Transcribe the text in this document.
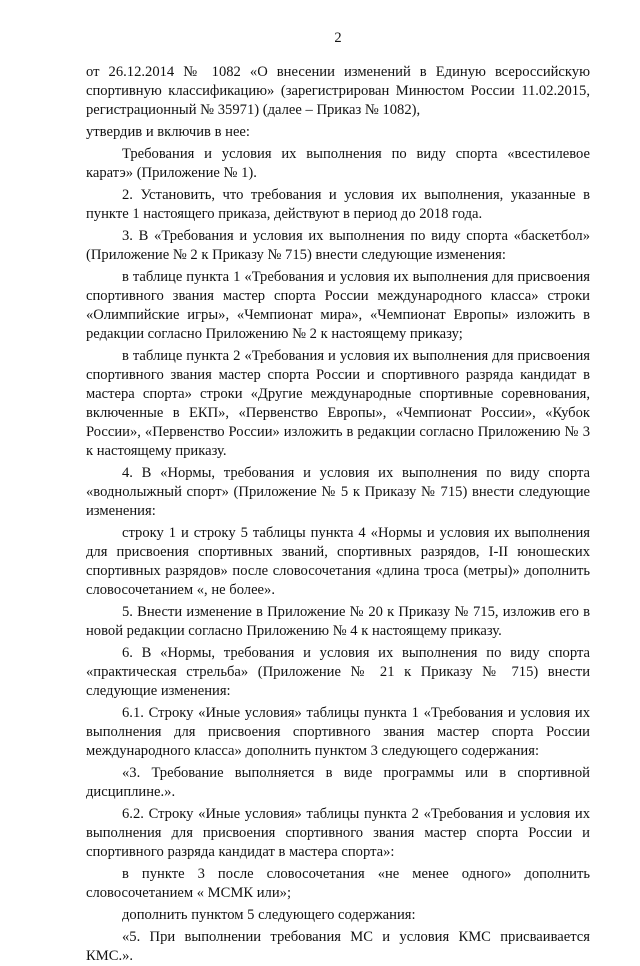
2

от 26.12.2014 № 1082 «О внесении изменений в Единую всероссийскую спортивную классификацию» (зарегистрирован Минюстом России 11.02.2015, регистрационный № 35971) (далее – Приказ № 1082),

утвердив и включив в нее:

Требования и условия их выполнения по виду спорта «всестилевое каратэ» (Приложение № 1).

2. Установить, что требования и условия их выполнения, указанные в пункте 1 настоящего приказа, действуют в период до 2018 года.

3. В «Требования и условия их выполнения по виду спорта «баскетбол» (Приложение № 2 к Приказу № 715) внести следующие изменения:

в таблице пункта 1 «Требования и условия их выполнения для присвоения спортивного звания мастер спорта России международного класса» строки «Олимпийские игры», «Чемпионат мира», «Чемпионат Европы» изложить в редакции согласно Приложению № 2 к настоящему приказу;

в таблице пункта 2 «Требования и условия их выполнения для присвоения спортивного звания мастер спорта России и спортивного разряда кандидат в мастера спорта» строки «Другие международные спортивные соревнования, включенные в ЕКП», «Первенство Европы», «Чемпионат России», «Кубок России», «Первенство России» изложить в редакции согласно Приложению № 3 к настоящему приказу.

4. В «Нормы, требования и условия их выполнения по виду спорта «воднолыжный спорт» (Приложение № 5 к Приказу № 715) внести следующие изменения:

строку 1 и строку 5 таблицы пункта 4 «Нормы и условия их выполнения для присвоения спортивных званий, спортивных разрядов, I-II юношеских спортивных разрядов» после словосочетания «длина троса (метры)» дополнить словосочетанием «, не более».

5. Внести изменение в Приложение № 20 к Приказу № 715, изложив его в новой редакции согласно Приложению № 4 к настоящему приказу.

6. В «Нормы, требования и условия их выполнения по виду спорта «практическая стрельба» (Приложение № 21 к Приказу № 715) внести следующие изменения:

6.1. Строку «Иные условия» таблицы пункта 1 «Требования и условия их выполнения для присвоения спортивного звания мастер спорта России международного класса» дополнить пунктом 3 следующего содержания:

«3. Требование выполняется в виде программы или в спортивной дисциплине.».

6.2. Строку «Иные условия» таблицы пункта 2 «Требования и условия их выполнения для присвоения спортивного звания мастер спорта России и спортивного разряда кандидат в мастера спорта»:

в пункте 3 после словосочетания «не менее одного» дополнить словосочетанием « МСМК или»;

дополнить пунктом 5 следующего содержания:

«5. При выполнении требования МС и условия КМС присваивается КМС.».
